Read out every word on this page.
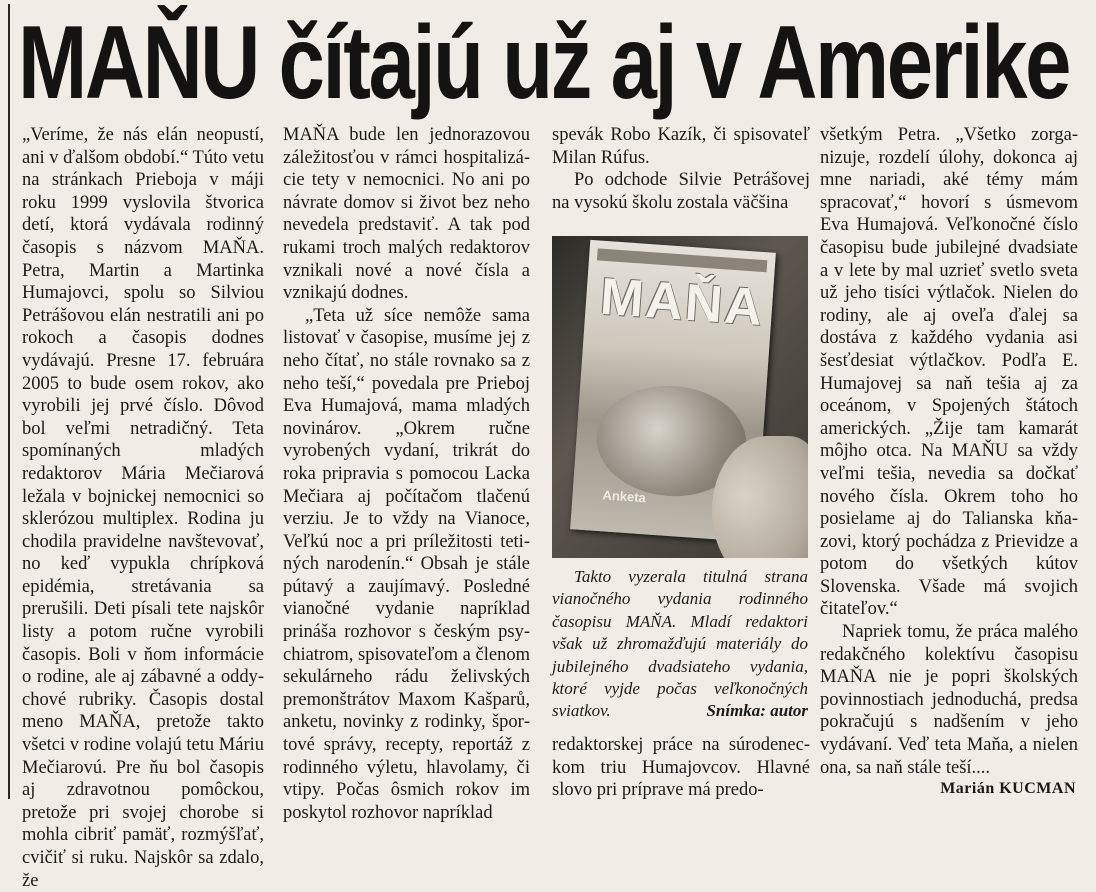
MAŇU čítajú už aj v Amerike

„Veríme, že nás elán neopustí, ani v ďalšom období.“ Túto vetu na stránkach Prieboja v máji roku 1999 vyslovila štvorica detí, ktorá vydávala rodinný časopis s názvom MAŇA. Petra, Martin a Martinka Humajovci, spolu so Silviou Petrášovou elán nestratili ani po rokoch a časopis dodnes vydávajú. Presne 17. februára 2005 to bude osem rokov, ako vyrobili jej prvé číslo. Dôvod bol veľmi netradičný. Teta spomínaných mladých redaktorov Mária Mečiarová ležala v bojnickej nemocnici so sklerózou multiplex. Rodina ju chodila pravidelne navštevovať, no keď vypukla chrípková epidémia, stretávania sa prerušili. Deti písali tete najskôr listy a potom ručne vyrobili časopis. Boli v ňom informácie o rodine, ale aj zábavné a oddychové rubriky. Časopis dostal meno MAŇA, pretože takto všetci v rodine volajú tetu Máriu Mečiarovú. Pre ňu bol časopis aj zdravotnou pomôckou, pretože pri svojej chorobe si mohla cibriť pamäť, rozmýšľať, cvičiť si ruku. Najskôr sa zdalo, že

MAŇA bude len jednorazovou záležitosťou v rámci hospitalizácie tety v nemocnici. No ani po návrate domov si život bez neho nevedela predstaviť. A tak pod rukami troch malých redaktorov vznikali nové a nové čísla a vznikajú dodnes.

„Teta už síce nemôže sama listovať v časopise, musíme jej z neho čítať, no stále rovnako sa z neho teší,“ povedala pre Prieboj Eva Humajová, mama mladých novinárov. „Okrem ručne vyrobených vydaní, trikrát do roka pripravia s pomocou Lacka Mečiara aj počítačom tlačenú verziu. Je to vždy na Vianoce, Veľkú noc a pri príležitosti tetiných narodenín.“ Obsah je stále pútavý a zaujímavý. Posledné vianočné vydanie napríklad prináša rozhovor s českým psychiatrom, spisovateľom a členom sekulárneho rádu želivských premonštrátov Maxom Kašparů, anketu, novinky z rodinky, športové správy, recepty, reportáž z rodinného výletu, hlavolamy, či vtipy. Počas ôsmich rokov im poskytol rozhovor napríklad

spevák Robo Kazík, či spisovateľ Milan Rúfus.

Po odchode Silvie Petrášovej na vysokú školu zostala väčšina

MAŇA
Anketa

Takto vyzerala titulná strana vianočného vydania rodinného časopisu MAŇA. Mladí redaktori však už zhromažďujú materiály do jubilejného dvadsiateho vydania, ktoré vyjde počas veľkonočných sviatkov.	Snímka: autor

redaktorskej práce na súrodeneckom triu Humajovcov. Hlavné slovo pri príprave má predo-

všetkým Petra. „Všetko zorganizuje, rozdelí úlohy, dokonca aj mne nariadi, aké témy mám spracovať,“ hovorí s úsmevom Eva Humajová. Veľkonočné číslo časopisu bude jubilejné dvadsiate a v lete by mal uzrieť svetlo sveta už jeho tisíci výtlačok. Nielen do rodiny, ale aj oveľa ďalej sa dostáva z každého vydania asi šesťdesiat výtlačkov. Podľa E. Humajovej sa naň tešia aj za oceánom, v Spojených štátoch amerických. „Žije tam kamarát môjho otca. Na MAŇU sa vždy veľmi tešia, nevedia sa dočkať nového čísla. Okrem toho ho posielame aj do Talianska kňazovi, ktorý pochádza z Prievidze a potom do všetkých kútov Slovenska. Všade má svojich čitateľov.“

Napriek tomu, že práca malého redakčného kolektívu časopisu MAŇA nie je popri školských povinnostiach jednoduchá, predsa pokračujú s nadšením v jeho vydávaní. Veď teta Maňa, a nielen ona, sa naň stále teší....

Marián KUCMAN
